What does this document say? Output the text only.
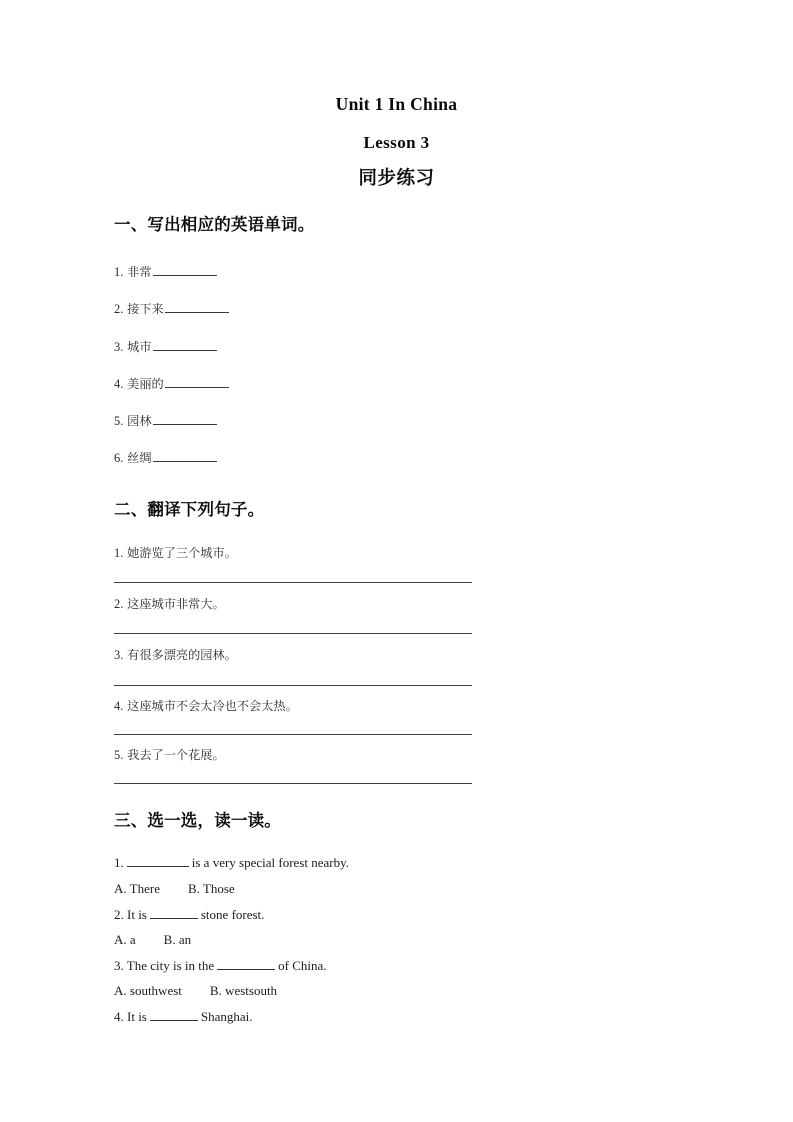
Unit 1 In China

Lesson 3

同步练习

一、写出相应的英语单词。

1. 非常
2. 接下来
3. 城市
4. 美丽的
5. 园林
6. 丝绸

二、翻译下列句子。

1. 她游览了三个城市。
2. 这座城市非常大。
3. 有很多漂亮的园林。
4. 这座城市不会太冷也不会太热。
5. 我去了一个花展。

三、选一选，读一读。

1.	is a very special forest nearby.
A. There B. Those
2. It is	stone forest.
A. a B. an
3. The city is in the	of China.
A. southwest B. westsouth
4. It is	Shanghai.
